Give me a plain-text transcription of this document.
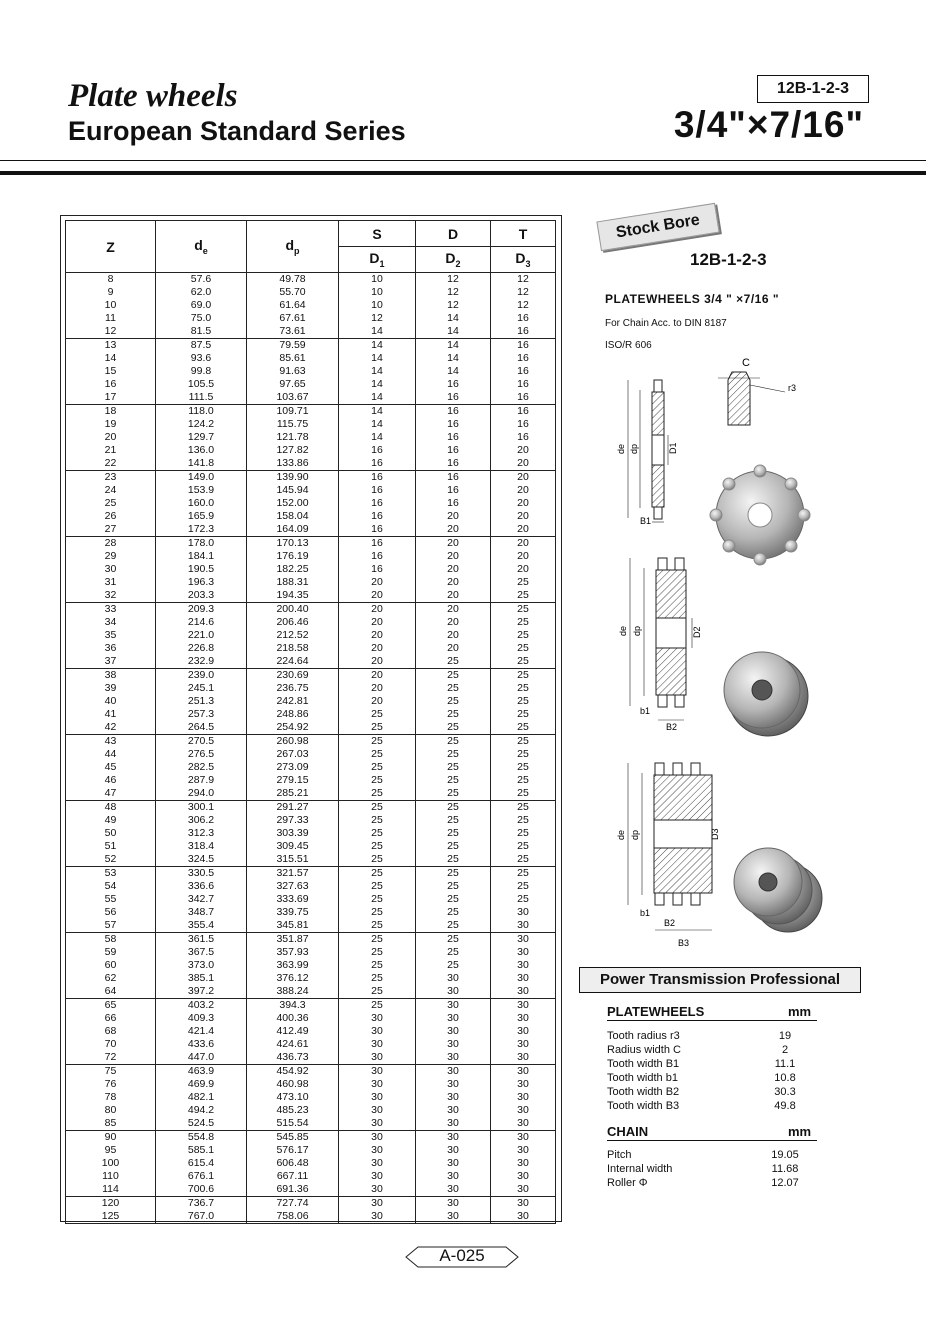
Plate wheels
European Standard Series
12B-1-2-3
3/4"×7/16"
Z	$d_e$	$d_p$	S	D	T
			$D_1$	$D_2$	$D_3$
8	57.6	49.78	10	12	12
9	62.0	55.70	10	12	12
10	69.0	61.64	10	12	12
11	75.0	67.61	12	14	16
12	81.5	73.61	14	14	16
13	87.5	79.59	14	14	16
14	93.6	85.61	14	14	16
15	99.8	91.63	14	14	16
16	105.5	97.65	14	16	16
17	111.5	103.67	14	16	16
18	118.0	109.71	14	16	16
19	124.2	115.75	14	16	16
20	129.7	121.78	14	16	16
21	136.0	127.82	16	16	20
22	141.8	133.86	16	16	20
23	149.0	139.90	16	16	20
24	153.9	145.94	16	16	20
25	160.0	152.00	16	16	20
26	165.9	158.04	16	20	20
27	172.3	164.09	16	20	20
28	178.0	170.13	16	20	20
29	184.1	176.19	16	20	20
30	190.5	182.25	16	20	20
31	196.3	188.31	20	20	25
32	203.3	194.35	20	20	25
33	209.3	200.40	20	20	25
34	214.6	206.46	20	20	25
35	221.0	212.52	20	20	25
36	226.8	218.58	20	20	25
37	232.9	224.64	20	25	25
38	239.0	230.69	20	25	25
39	245.1	236.75	20	25	25
40	251.3	242.81	20	25	25
41	257.3	248.86	25	25	25
42	264.5	254.92	25	25	25
43	270.5	260.98	25	25	25
44	276.5	267.03	25	25	25
45	282.5	273.09	25	25	25
46	287.9	279.15	25	25	25
47	294.0	285.21	25	25	25
48	300.1	291.27	25	25	25
49	306.2	297.33	25	25	25
50	312.3	303.39	25	25	25
51	318.4	309.45	25	25	25
52	324.5	315.51	25	25	25
53	330.5	321.57	25	25	25
54	336.6	327.63	25	25	25
55	342.7	333.69	25	25	25
56	348.7	339.75	25	25	30
57	355.4	345.81	25	25	30
58	361.5	351.87	25	25	30
59	367.5	357.93	25	25	30
60	373.0	363.99	25	25	30
62	385.1	376.12	25	30	30
64	397.2	388.24	25	30	30
65	403.2	394.3	25	30	30
66	409.3	400.36	30	30	30
68	421.4	412.49	30	30	30
70	433.6	424.61	30	30	30
72	447.0	436.73	30	30	30
75	463.9	454.92	30	30	30
76	469.9	460.98	30	30	30
78	482.1	473.10	30	30	30
80	494.2	485.23	30	30	30
85	524.5	515.54	30	30	30
90	554.8	545.85	30	30	30
95	585.1	576.17	30	30	30
100	615.4	606.48	30	30	30
110	676.1	667.11	30	30	30
114	700.6	691.36	30	30	30
120	736.7	727.74	30	30	30
125	767.0	758.06	30	30	30
Stock Bore
12B-1-2-3
PLATEWHEELS 3/4 " ×7/16 "
For Chain Acc. to DIN 8187
ISO/R 606
C
r3
de dp	D1
B1
de dp	D2
b1
B2
de dp	D3
b1
B2
B3
Power Transmission Professional
PLATEWHEELS	mm
Tooth radius r3	19
Radius width C	2
Tooth width B1	11.1
Tooth width b1	10.8
Tooth width B2	30.3
Tooth width B3	49.8
CHAIN	mm
Pitch	19.05
Internal width	11.68
Roller Φ	12.07
A-025
